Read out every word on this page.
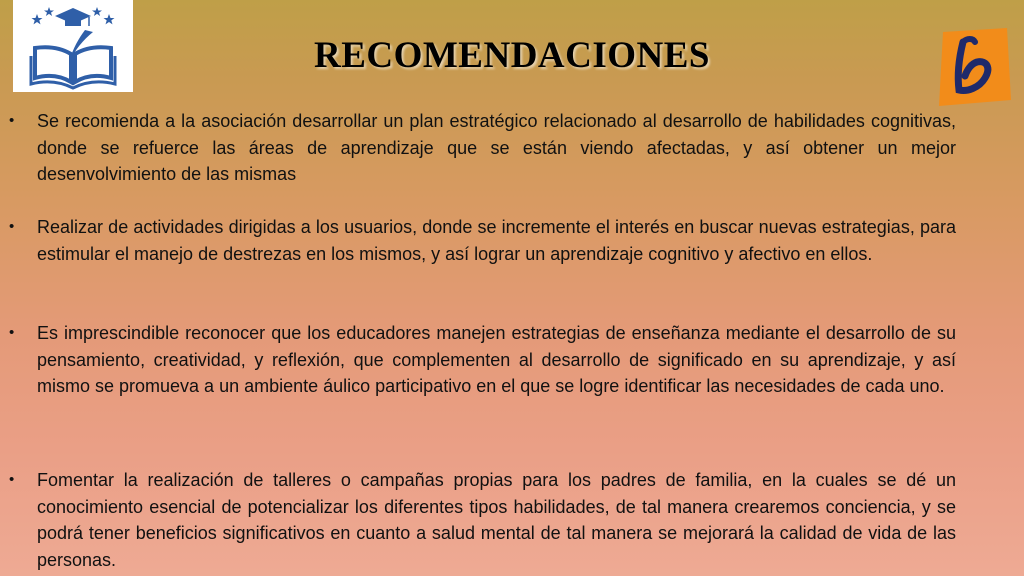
RECOMENDACIONES
• Se recomienda a la asociación desarrollar un plan estratégico relacionado al desarrollo de habilidades cognitivas, donde se refuerce las áreas de aprendizaje que se están viendo afectadas, y así obtener un mejor desenvolvimiento de las mismas
• Realizar de actividades dirigidas a los usuarios, donde se incremente el interés en buscar nuevas estrategias, para estimular el manejo de destrezas en los mismos, y así lograr un aprendizaje cognitivo y afectivo en ellos.
• Es imprescindible reconocer que los educadores manejen estrategias de enseñanza mediante el desarrollo de su pensamiento, creatividad, y reflexión, que complementen al desarrollo de significado en su aprendizaje, y así mismo se promueva a un ambiente áulico participativo en el que se logre identificar las necesidades de cada uno.
• Fomentar la realización de talleres o campañas propias para los padres de familia, en la cuales se dé un conocimiento esencial de potencializar los diferentes tipos habilidades, de tal manera crearemos conciencia, y se podrá tener beneficios significativos en cuanto a salud mental de tal manera se mejorará la calidad de vida de las personas.
